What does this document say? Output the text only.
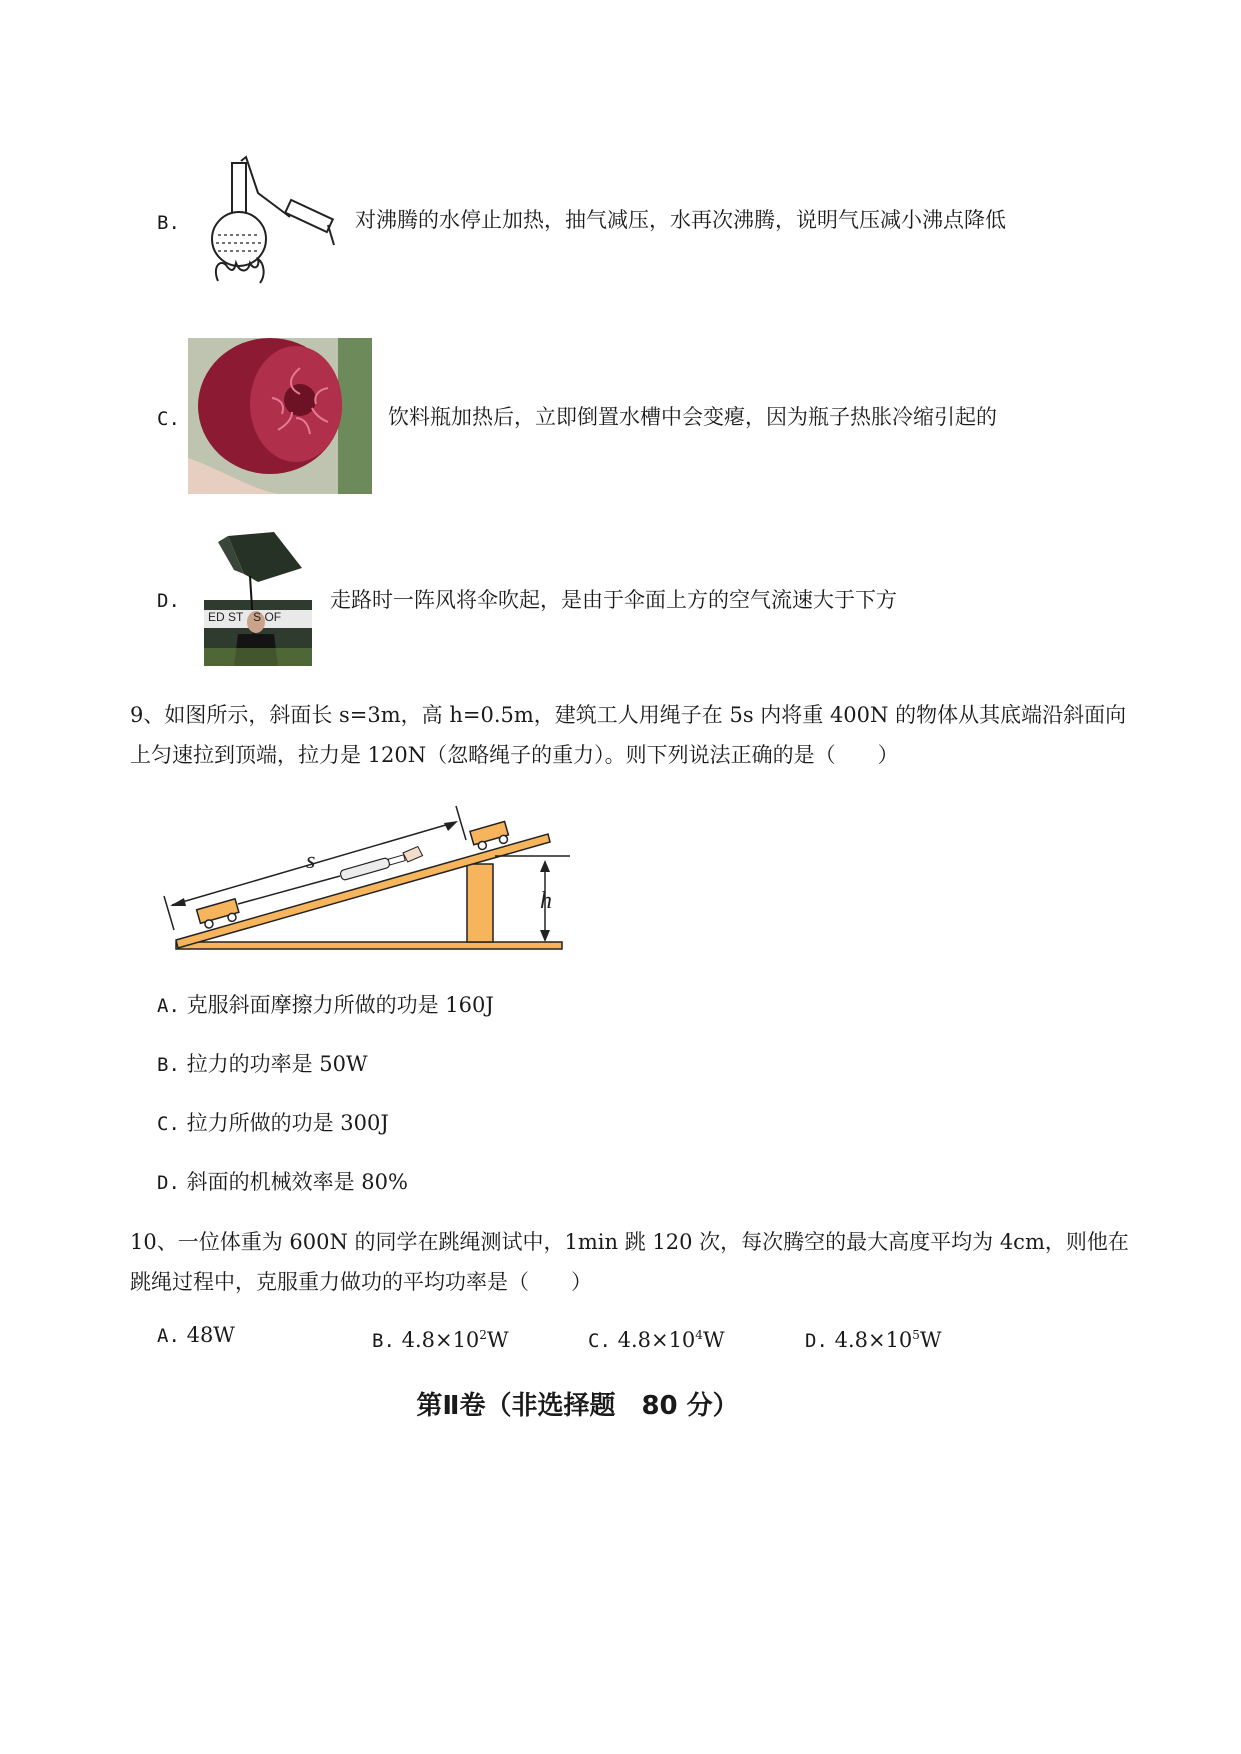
B.	对沸腾的水停止加热，抽气减压，水再次沸腾，说明气压减小沸点降低
C.	饮料瓶加热后，立即倒置水槽中会变瘪，因为瓶子热胀冷缩引起的
D.
ED ST   S OF
走路时一阵风将伞吹起，是由于伞面上方的空气流速大于下方
9、如图所示，斜面长 s=3m，高 h=0.5m，建筑工人用绳子在 5s 内将重 400N 的物体从其底端沿斜面向
上匀速拉到顶端，拉力是 120N（忽略绳子的重力）。则下列说法正确的是（　　）
s
h
A. 克服斜面摩擦力所做的功是 160J
B. 拉力的功率是 50W
C. 拉力所做的功是 300J
D. 斜面的机械效率是 80%
10、一位体重为 600N 的同学在跳绳测试中，1min 跳 120 次，每次腾空的最大高度平均为 4cm，则他在
跳绳过程中，克服重力做功的平均功率是（　　）
A. 48W	B. $4.8\times 10^2W$	C. $4.8\times 10^4W$	D. $4.8\times 10^5W$
第Ⅱ卷（非选择题　80 分）
